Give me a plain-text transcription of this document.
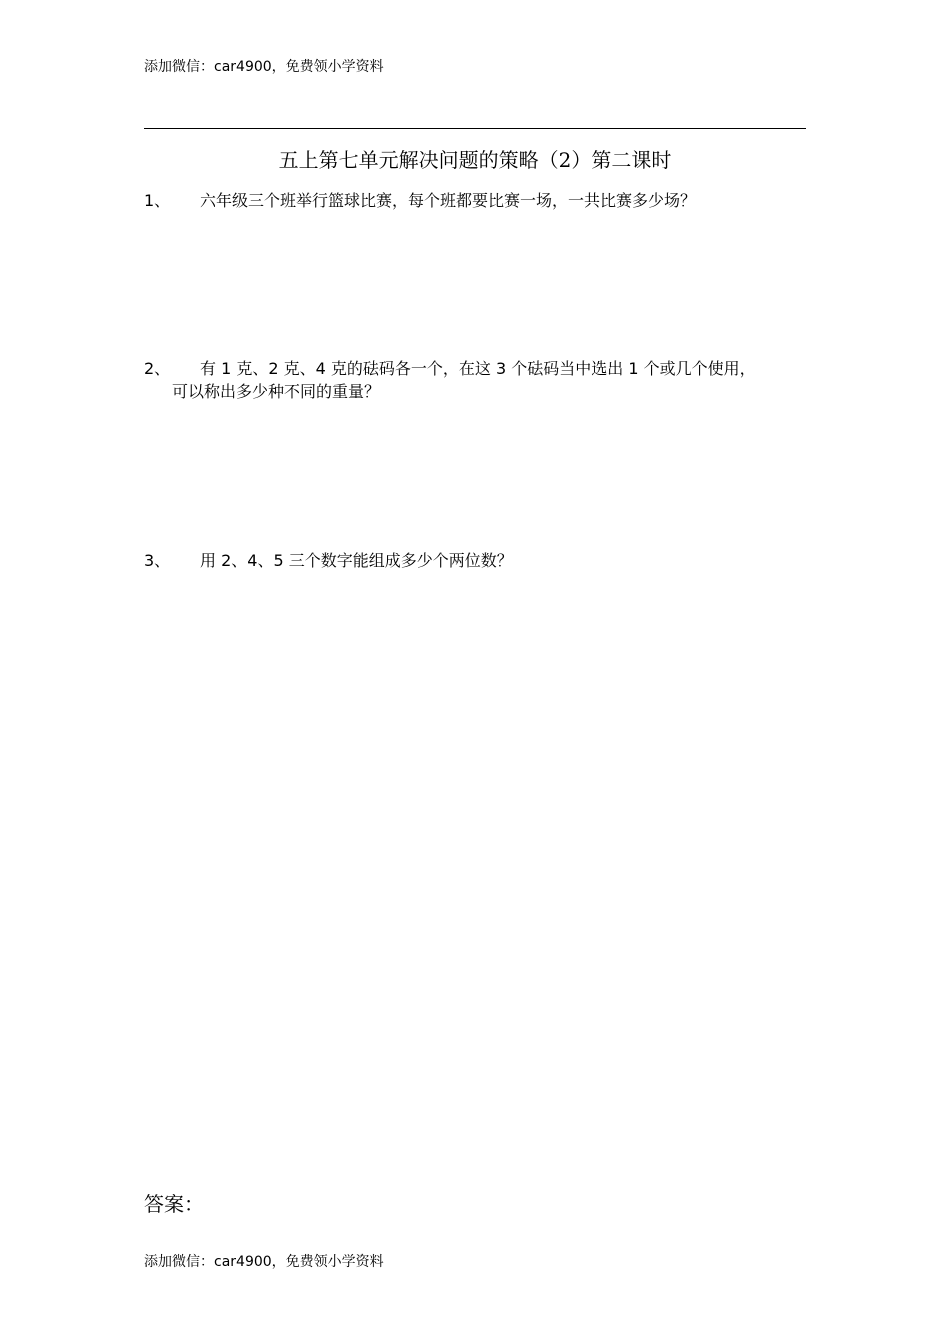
添加微信：car4900，免费领小学资料
五上第七单元解决问题的策略（2）第二课时
1、 六年级三个班举行篮球比赛，每个班都要比赛一场，一共比赛多少场？
2、 有 1 克、2 克、4 克的砝码各一个，在这 3 个砝码当中选出 1 个或几个使用，
可以称出多少种不同的重量？
3、 用 2、4、5 三个数字能组成多少个两位数？
答案：
添加微信：car4900，免费领小学资料
